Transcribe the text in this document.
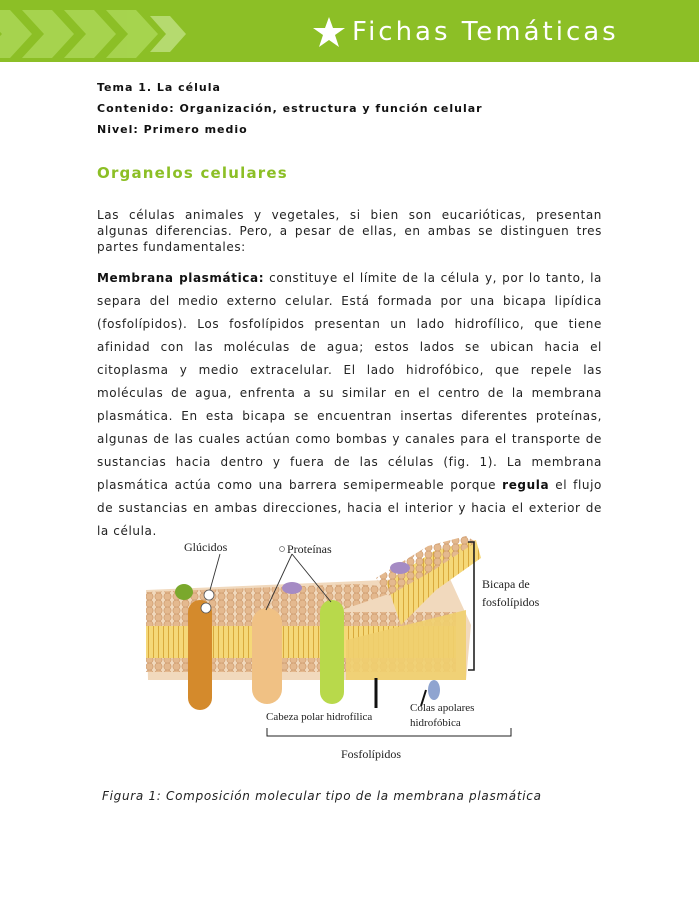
Fichas Temáticas
Tema 1. La célula
Contenido: Organización, estructura y función celular
Nivel: Primero medio
Organelos celulares
Las células animales y vegetales, si bien son eucarióticas, presentan algunas diferencias. Pero, a pesar de ellas, en ambas se distinguen tres partes fundamentales:
Membrana plasmática: constituye el límite de la célula y, por lo tanto, la separa del medio externo celular. Está formada por una bicapa lipídica (fosfolípidos). Los fosfolípidos presentan un lado hidrofílico, que tiene afinidad con las moléculas de agua; estos lados se ubican hacia el citoplasma y medio extracelular. El lado hidrofóbico, que repele las moléculas de agua, enfrenta a su similar en el centro de la membrana plasmática. En esta bicapa se encuentran insertas diferentes proteínas, algunas de las cuales actúan como bombas y canales para el transporte de sustancias hacia dentro y fuera de las células (fig. 1). La membrana plasmática actúa como una barrera semipermeable porque regula el flujo de sustancias en ambas direcciones, hacia el interior y hacia el exterior de la célula.
Glúcidos	Proteínas
Bicapa de
fosfolípidos
Cabeza polar hidrofílica
Colas apolares
hidrofóbica
Fosfolípidos
Figura 1: Composición molecular tipo de la membrana plasmática
